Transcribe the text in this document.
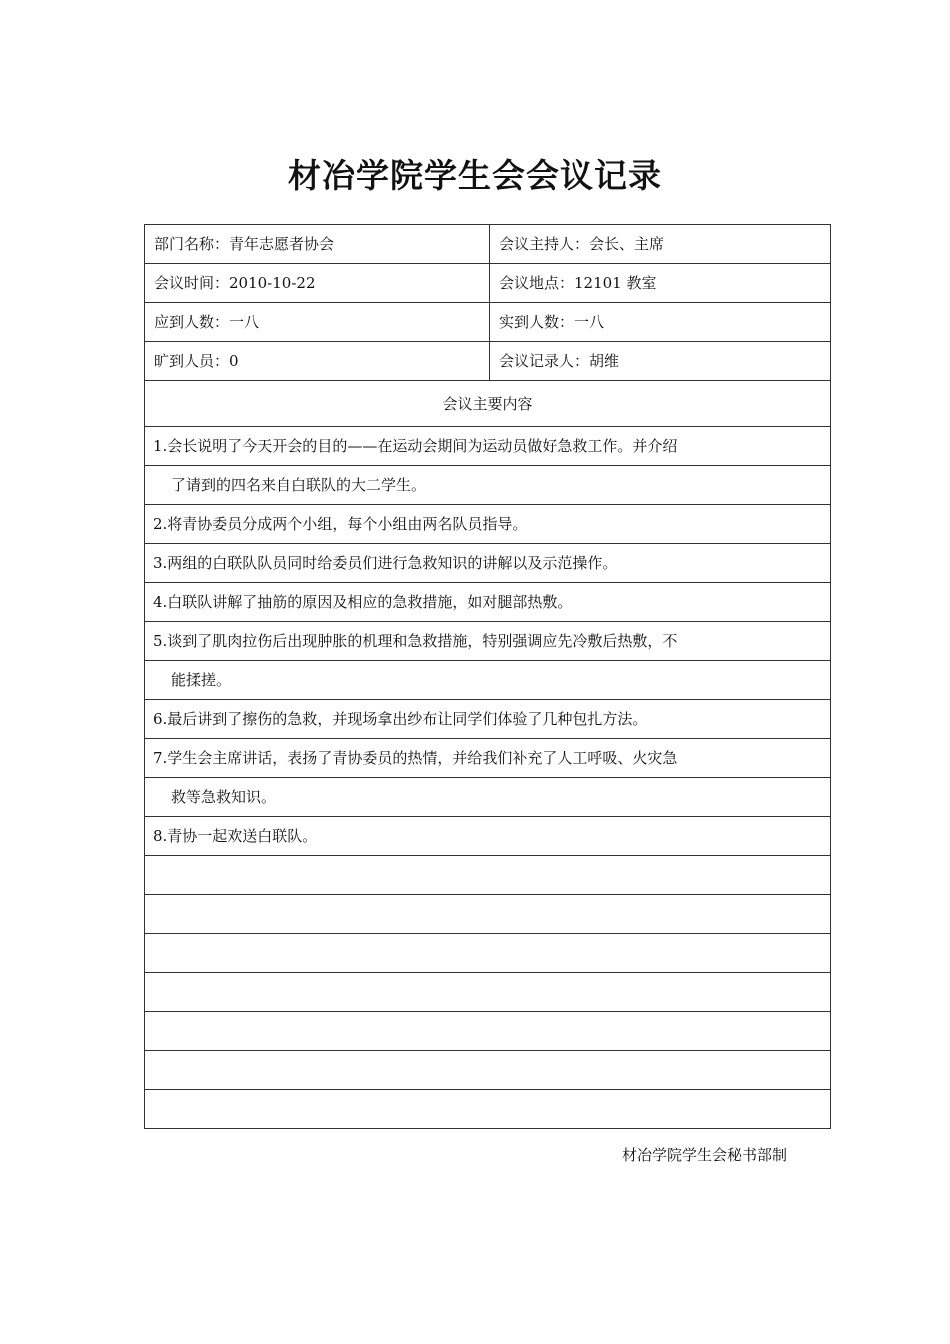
材冶学院学生会会议记录
部门名称：青年志愿者协会	会议主持人：会长、主席
会议时间：2010-10-22	会议地点：12101 教室
应到人数：一八	实到人数：一八
旷到人员：0	会议记录人：胡维
会议主要内容	
1.会长说明了今天开会的目的——在运动会期间为运动员做好急救工作。并介绍	
了请到的四名来自白联队的大二学生。	
2.将青协委员分成两个小组，每个小组由两名队员指导。	
3.两组的白联队队员同时给委员们进行急救知识的讲解以及示范操作。	
4.白联队讲解了抽筋的原因及相应的急救措施，如对腿部热敷。	
5.谈到了肌肉拉伤后出现肿胀的机理和急救措施，特别强调应先冷敷后热敷，不	
能揉搓。	
6.最后讲到了擦伤的急救，并现场拿出纱布让同学们体验了几种包扎方法。	
7.学生会主席讲话，表扬了青协委员的热情，并给我们补充了人工呼吸、火灾急	
救等急救知识。	
8.青协一起欢送白联队。	

材冶学院学生会秘书部制
